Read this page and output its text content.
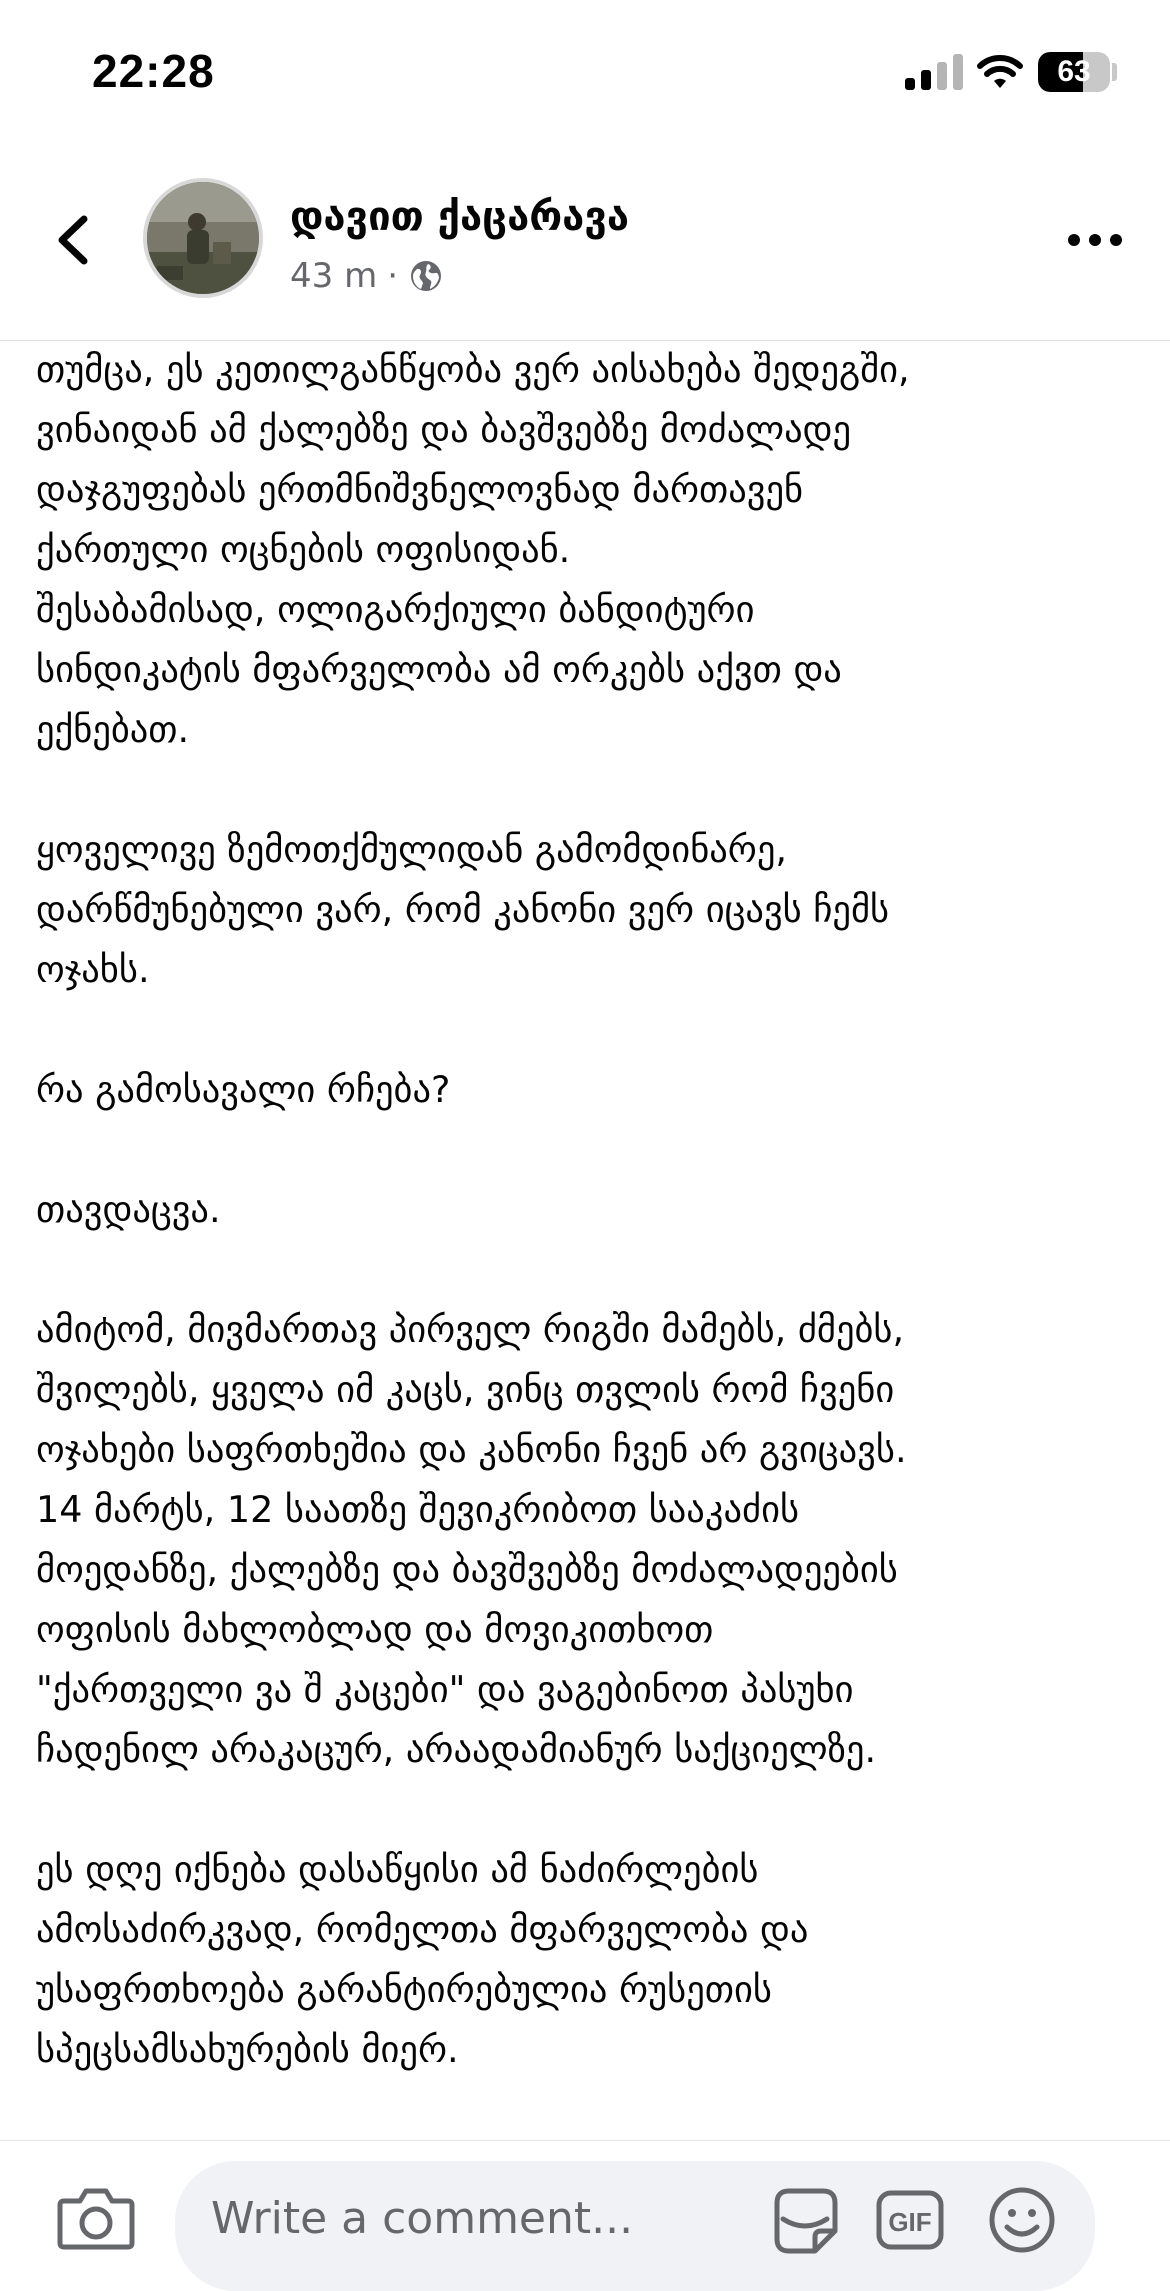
22:28	63
დავით ქაცარავა
43 m ·
თუმცა, ეს კეთილგანწყობა ვერ აისახება შედეგში,
ვინაიდან ამ ქალებზე და ბავშვებზე მოძალადე
დაჯგუფებას ერთმნიშვნელოვნად მართავენ
ქართული ოცნების ოფისიდან.
შესაბამისად, ოლიგარქიული ბანდიტური
სინდიკატის მფარველობა ამ ორკებს აქვთ და
ექნებათ.
ყოველივე ზემოთქმულიდან გამომდინარე,
დარწმუნებული ვარ, რომ კანონი ვერ იცავს ჩემს
ოჯახს.
რა გამოსავალი რჩება?
თავდაცვა.
ამიტომ, მივმართავ პირველ რიგში მამებს, ძმებს,
შვილებს, ყველა იმ კაცს, ვინც თვლის რომ ჩვენი
ოჯახები საფრთხეშია და კანონი ჩვენ არ გვიცავს.
14 მარტს, 12 საათზე შევიკრიბოთ სააკაძის
მოედანზე, ქალებზე და ბავშვებზე მოძალადეების
ოფისის მახლობლად და მოვიკითხოთ
"ქართველი ვა შ კაცები" და ვაგებინოთ პასუხი
ჩადენილ არაკაცურ, არაადამიანურ საქციელზე.
ეს დღე იქნება დასაწყისი ამ ნაძირლების
ამოსაძირკვად, რომელთა მფარველობა და
უსაფრთხოება გარანტირებულია რუსეთის
სპეცსამსახურების მიერ.
Write a comment...	GIF
